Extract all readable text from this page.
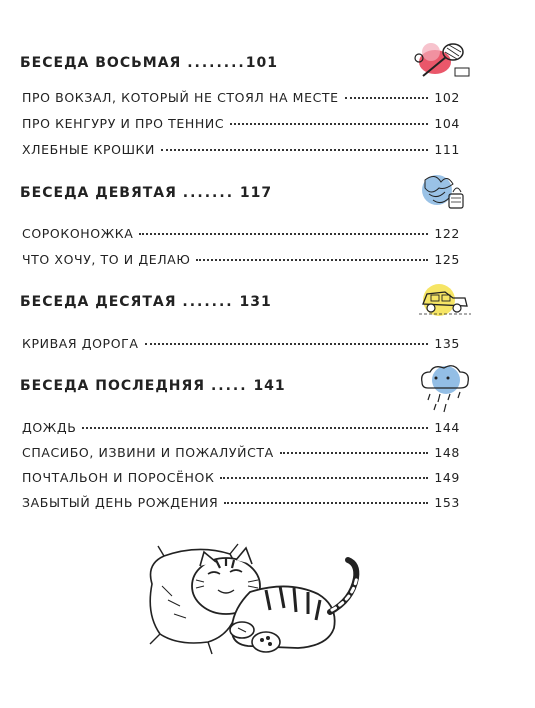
БЕСЕДА ВОСЬМАЯ ........101
ПРО ВОКЗАЛ, КОТОРЫЙ НЕ СТОЯЛ НА МЕСТЕ	102
ПРО КЕНГУРУ И ПРО ТЕННИС	104
ХЛЕБНЫЕ КРОШКИ	111
БЕСЕДА ДЕВЯТАЯ ....... 117
СОРОКОНОЖКА	122
ЧТО ХОЧУ, ТО И ДЕЛАЮ	125
БЕСЕДА ДЕСЯТАЯ ....... 131
КРИВАЯ ДОРОГА	135
БЕСЕДА ПОСЛЕДНЯЯ ..... 141
ДОЖДЬ	144
СПАСИБО, ИЗВИНИ И ПОЖАЛУЙСТА	148
ПОЧТАЛЬОН И ПОРОСЁНОК	149
ЗАБЫТЫЙ ДЕНЬ РОЖДЕНИЯ	153
